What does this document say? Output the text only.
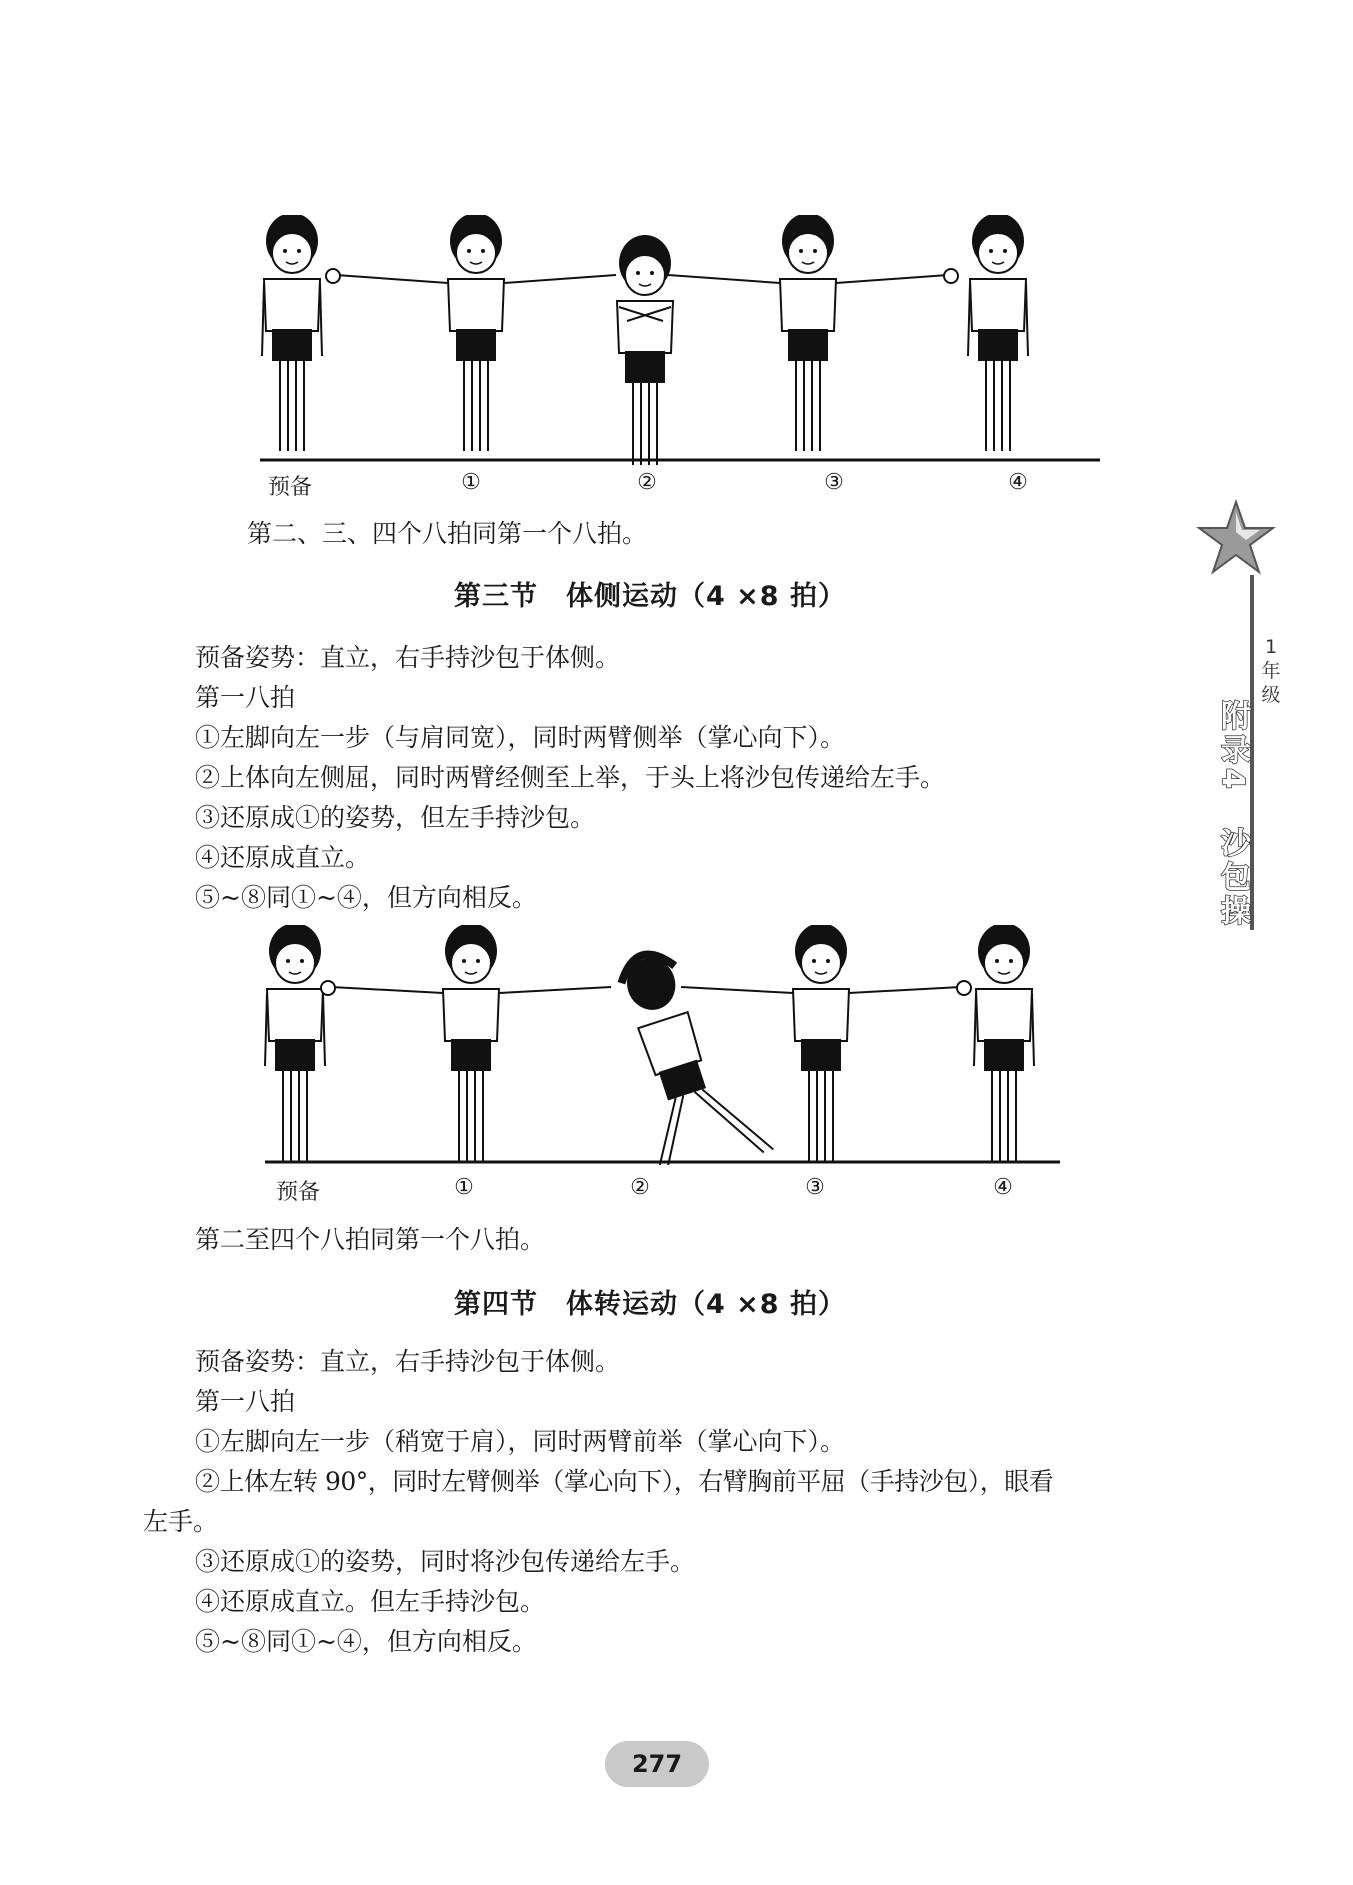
预备	①	②	③	④
第二、三、四个八拍同第一个八拍。
第三节　体侧运动（4 ×8 拍）
预备姿势：直立，右手持沙包于体侧。
第一八拍
①左脚向左一步（与肩同宽），同时两臂侧举（掌心向下）。
②上体向左侧屈，同时两臂经侧至上举，于头上将沙包传递给左手。
③还原成①的姿势，但左手持沙包。
④还原成直立。
⑤~⑧同①~④，但方向相反。
预备	①	②	③	④
第二至四个八拍同第一个八拍。
第四节　体转运动（4 ×8 拍）
预备姿势：直立，右手持沙包于体侧。
第一八拍
①左脚向左一步（稍宽于肩），同时两臂前举（掌心向下）。
②上体左转 90°，同时左臂侧举（掌心向下），右臂胸前平屈（手持沙包），眼看
左手。
③还原成①的姿势，同时将沙包传递给左手。
④还原成直立。但左手持沙包。
⑤~⑧同①~④，但方向相反。
1
年
级
附录4　沙包操
277
